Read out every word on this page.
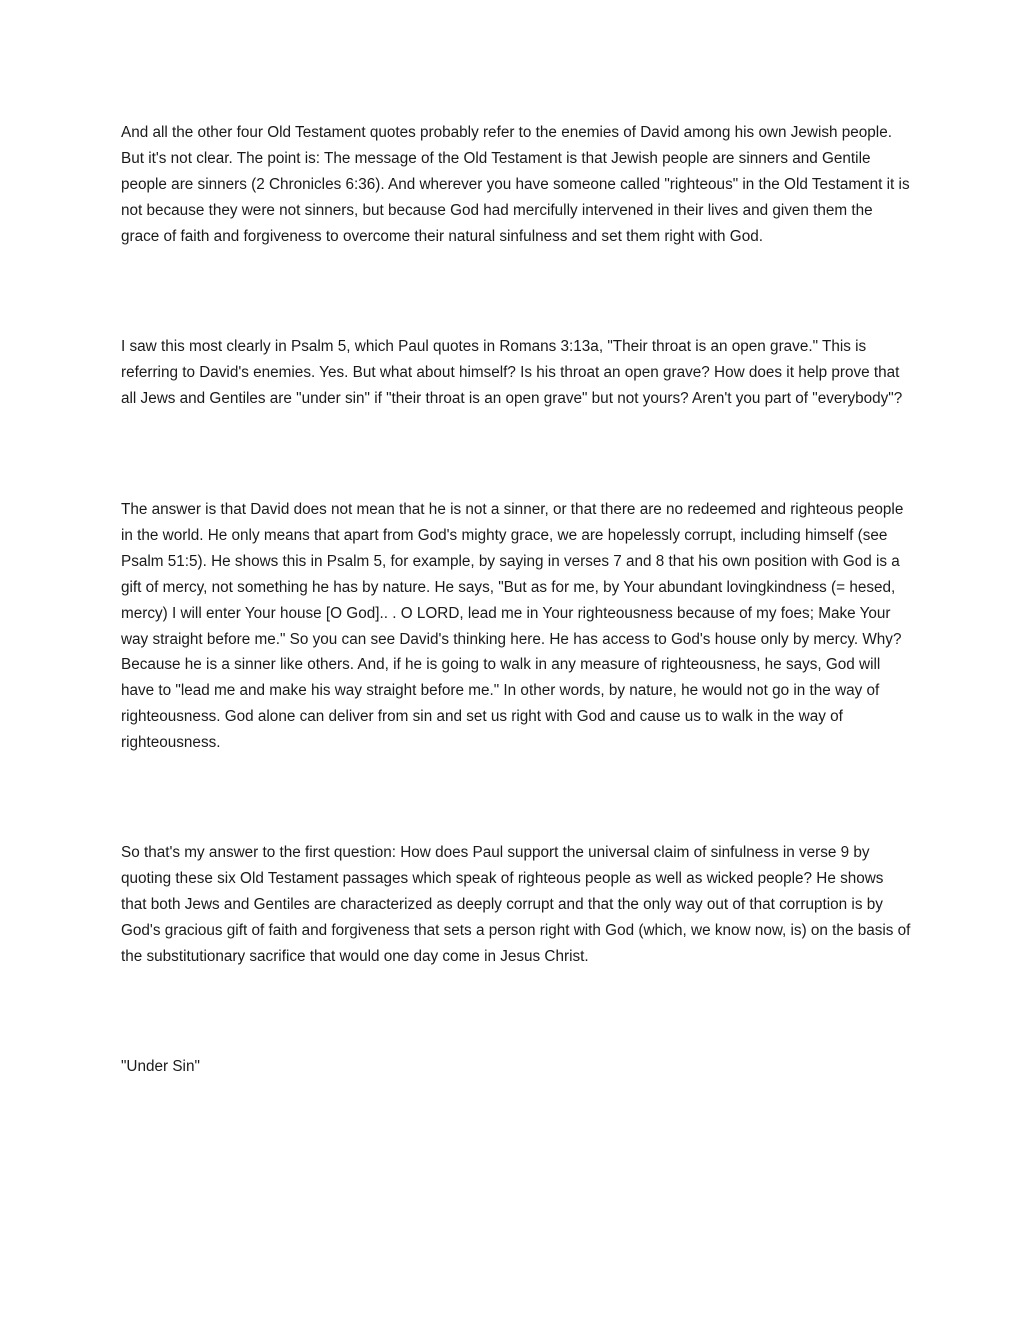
And all the other four Old Testament quotes probably refer to the enemies of David among his own Jewish people. But it's not clear. The point is: The message of the Old Testament is that Jewish people are sinners and Gentile people are sinners (2 Chronicles 6:36). And wherever you have someone called "righteous" in the Old Testament it is not because they were not sinners, but because God had mercifully intervened in their lives and given them the grace of faith and forgiveness to overcome their natural sinfulness and set them right with God.

I saw this most clearly in Psalm 5, which Paul quotes in Romans 3:13a, "Their throat is an open grave." This is referring to David's enemies. Yes. But what about himself? Is his throat an open grave? How does it help prove that all Jews and Gentiles are "under sin" if "their throat is an open grave" but not yours? Aren't you part of "everybody"?

The answer is that David does not mean that he is not a sinner, or that there are no redeemed and righteous people in the world. He only means that apart from God's mighty grace, we are hopelessly corrupt, including himself (see Psalm 51:5). He shows this in Psalm 5, for example, by saying in verses 7 and 8 that his own position with God is a gift of mercy, not something he has by nature. He says, "But as for me, by Your abundant lovingkindness (= hesed, mercy) I will enter Your house [O God].. . O LORD, lead me in Your righteousness because of my foes; Make Your way straight before me." So you can see David's thinking here. He has access to God's house only by mercy. Why? Because he is a sinner like others. And, if he is going to walk in any measure of righteousness, he says, God will have to "lead me and make his way straight before me." In other words, by nature, he would not go in the way of righteousness. God alone can deliver from sin and set us right with God and cause us to walk in the way of righteousness.

So that's my answer to the first question: How does Paul support the universal claim of sinfulness in verse 9 by quoting these six Old Testament passages which speak of righteous people as well as wicked people? He shows that both Jews and Gentiles are characterized as deeply corrupt and that the only way out of that corruption is by God's gracious gift of faith and forgiveness that sets a person right with God (which, we know now, is) on the basis of the substitutionary sacrifice that would one day come in Jesus Christ.

"Under Sin"
